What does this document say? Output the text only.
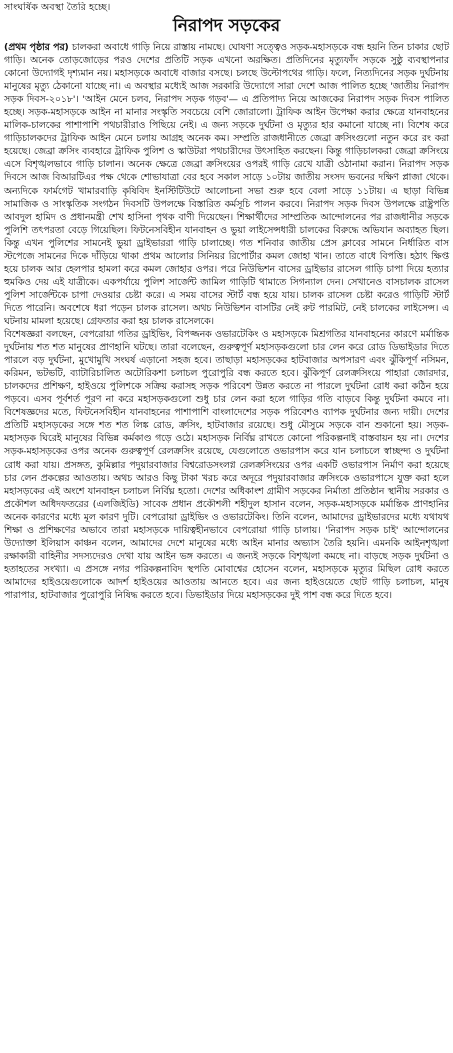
সাংঘর্ষিক অবস্থা তৈরি হচ্ছে।
নিরাপদ সড়কের

(প্রথম পৃষ্ঠার পর) চালকরা অবাধে গাড়ি নিয়ে রাস্তায় নামছে। ঘোষণা সত্ত্বেও সড়ক-মহাসড়কে বন্ধ হয়নি তিন চাকার ছোট গাড়ি। অনেক তোড়জোড়ের পরও দেশের প্রতিটি সড়ক এখনো অরক্ষিত। প্রতিদিনের মৃত্যুফাঁদ সড়কে সুষ্ঠু ব্যবস্থাপনার কোনো উদ্যোগই দৃশ্যমান নয়। মহাসড়কে অবাধে বাজার বসছে। চলছে উল্টোপথের গাড়ি। ফলে, নিত্যদিনের সড়ক দুর্ঘটনায় মানুষের মৃত্যু ঠেকানো যাচ্ছে না। এ অবস্থার মধ্যেই আজ সরকারি উদ্যোগে সারা দেশে আজ পালিত হচ্ছে 'জাতীয় নিরাপদ সড়ক দিবস-২০১৮'। 'আইন মেনে চলব, নিরাপদ সড়ক গড়ব'— এ প্রতিপাদ্য নিয়ে আজকের নিরাপদ সড়ক দিবস পালিত হচ্ছে। সড়ক-মহাসড়কে আইন না মানার সংস্কৃতি সবচেয়ে বেশি জোরালো। ট্রাফিক আইন উপেক্ষা করার ক্ষেত্রে যানবাহনের মালিক-চালকের পাশাপাশি পথচারীরাও পিছিয়ে নেই। এ জন্য সড়কে দুর্ঘটনা ও মৃত্যুর হার কমানো যাচ্ছে না। বিশেষ করে গাড়িচালকদের ট্রাফিক আইন মেনে চলায় আগ্রহ অনেক কম। সম্প্রতি রাজধানীতে জেব্রা ক্রসিংগুলো নতুন করে রং করা হয়েছে। জেব্রা ক্রসিং ব্যবহারে ট্রাফিক পুলিশ ও স্কাউটরা পথচারীদের উৎসাহিত করছেন। কিন্তু গাড়িচালকরা জেব্রা ক্রসিংয়ে এসে বিশৃঙ্খলভাবে গাড়ি চালান। অনেক ক্ষেত্রে জেব্রা ক্রসিংয়ের ওপরই গাড়ি রেখে যাত্রী ওঠানামা করান। নিরাপদ সড়ক দিবসে আজ বিআরটিএর পক্ষ থেকে শোভাযাত্রা বের হবে সকাল সাড়ে ১০টায় জাতীয় সংসদ ভবনের দক্ষিণ প্লাজা থেকে। অন্যদিকে ফার্মগেট খামারবাড়ি কৃষিবিদ ইনস্টিটিউটে আলোচনা সভা শুরু হবে বেলা সাড়ে ১১টায়। এ ছাড়া বিভিন্ন সামাজিক ও সাংস্কৃতিক সংগঠন দিবসটি উপলক্ষে বিস্তারিত কর্মসূচি পালন করবে। নিরাপদ সড়ক দিবস উপলক্ষে রাষ্ট্রপতি আবদুল হামিদ ও প্রধানমন্ত্রী শেখ হাসিনা পৃথক বাণী দিয়েছেন। শিক্ষার্থীদের সাম্প্রতিক আন্দোলনের পর রাজধানীর সড়কে পুলিশি তৎপরতা বেড়ে গিয়েছিল। ফিটনেসবিহীন যানবাহন ও ভুয়া লাইসেন্সধারী চালকের বিরুদ্ধে অভিযান অব্যাহত ছিল। কিন্তু এখন পুলিশের সামনেই ভুয়া ড্রাইভাররা গাড়ি চালাচ্ছে। গত শনিবার জাতীয় প্রেস ক্লাবের সামনে নির্ধারিত বাস স্টপেজে সামনের দিকে দাঁড়িয়ে থাকা প্রথম আলোর সিনিয়র রিপোর্টার কমল জোহা খান। তাতে বাধে বিপত্তি। হঠাৎ ক্ষিপ্ত হয়ে চালক আর হেলপার হামলা করে কমল জোহার ওপর। পরে নিউভিশন বাসের ড্রাইভার রাসেল গাড়ি চাপা দিয়ে হত্যার হুমকিও দেয় এই যাত্রীকে। একপর্যায়ে পুলিশ সার্জেন্ট জামিল গাড়িটি থামাতে সিগন্যাল দেন। সেখানেও বাসচালক রাসেল পুলিশ সার্জেন্টকে চাপা দেওয়ার চেষ্টা করে। এ সময় বাসের স্টার্ট বন্ধ হয়ে যায়। চালক রাসেল চেষ্টা করেও গাড়িটি স্টার্ট দিতে পারেনি। অবশেষে ধরা পড়েন চালক রাসেল। অথচ নিউভিশন বাসটির নেই রুট পারমিট, নেই চালকের লাইসেন্স। এ ঘটনায় মামলা হয়েছে। গ্রেফতার করা হয় চালক রাসেলকে।

বিশেষজ্ঞরা বলছেন, বেপরোয়া গতির ড্রাইভিং, বিপজ্জনক ওভারটেকিং ও মহাসড়কে মিশ্রগতির যানবাহনের কারণে মর্মান্তিক দুর্ঘটনায় শত শত মানুষের প্রাণহানি ঘটছে। তারা বলেছেন, গুরুত্বপূর্ণ মহাসড়কগুলো চার লেন করে রোড ডিভাইডার দিতে পারলে বড় দুর্ঘটনা, মুখোমুখি সংঘর্ষ এড়ানো সহজ হবে। তাছাড়া মহাসড়কের হাটবাজার অপসারণ এবং ঝুঁকিপূর্ণ নসিমন, করিমন, ভটভটি, ব্যাটারিচালিত অটোরিকশা চলাচল পুরোপুরি বন্ধ করতে হবে। ঝুঁকিপূর্ণ রেলক্রসিংয়ে পাহারা জোরদার, চালকদের প্রশিক্ষণ, হাইওয়ে পুলিশকে সক্রিয় করাসহ সড়ক পরিবেশ উন্নত করতে না পারলে দুর্ঘটনা রোধ করা কঠিন হয়ে পড়বে। এসব পূর্বশর্ত পূরণ না করে মহাসড়কগুলো শুধু চার লেন করা হলে গাড়ির গতি বাড়বে কিন্তু দুর্ঘটনা কমবে না। বিশেষজ্ঞদের মতে, ফিটনেসবিহীন যানবাহনের পাশাপাশি বাংলাদেশের সড়ক পরিবেশও ব্যাপক দুর্ঘটনার জন্য দায়ী। দেশের প্রতিটি মহাসড়কের সঙ্গে শত শত লিঙ্ক রোড, ক্রসিং, হাটবাজার রয়েছে। শুধু মৌসুমে সড়কে বান শুকানো হয়। সড়ক-মহাসড়ক ঘিরেই মানুষের বিভিন্ন কর্মকাণ্ড গড়ে ওঠে। মহাসড়ক নির্বিঘ্ন রাখতে কোনো পরিকল্পনাই বাস্তবায়ন হয় না। দেশের সড়ক-মহাসড়কের ওপর অনেক গুরুত্বপূর্ণ রেলক্রসিং রয়েছে, যেগুলোতে ওভারপাস করে যান চলাচলে স্বাচ্ছন্দ্য ও দুর্ঘটনা রোধ করা যায়। প্রসঙ্গত, কুমিল্লার পদুয়ারবাজার বিশ্বরোডসংলগ্ন রেলক্রসিংয়ের ওপর একটি ওভারপাস নির্মাণ করা হয়েছে চার লেন প্রকল্পের আওতায়। অথচ আরও কিছু টাকা খরচ করে অদূরে পদুয়ারবাজার ক্রসিংকে ওভারপাসে যুক্ত করা হলে মহাসড়কের এই অংশে যানবাহন চলাচল নির্বিঘ্ন হতো। দেশের অধিকাংশ গ্রামীণ সড়কের নির্মাতা প্রতিষ্ঠান স্থানীয় সরকার ও প্রকৌশল অধিদফতরের (এলজিইডি) সাবেক প্রধান প্রকৌশলী শহীদুল হাসান বলেন, সড়ক-মহাসড়কে মর্মান্তিক প্রাণহানির অনেক কারণের মধ্যে মূল কারণ দুটি। বেপরোয়া ড্রাইভিং ও ওভারটেকিং। তিনি বলেন, আমাদের ড্রাইভারদের মধ্যে যথাযথ শিক্ষা ও প্রশিক্ষণের অভাবে তারা মহাসড়কে দায়িত্বহীনভাবে বেপরোয়া গাড়ি চালায়। 'নিরাপদ সড়ক চাই' আন্দোলনের উদ্যোক্তা ইলিয়াস কাঞ্চন বলেন, আমাদের দেশে মানুষের মধ্যে আইন মানার অভ্যাস তৈরি হয়নি। এমনকি আইনশৃঙ্খলা রক্ষাকারী বাহিনীর সদস্যদেরও দেখা যায় আইন ভঙ্গ করতে। এ জন্যই সড়কে বিশৃঙ্খলা কমছে না। বাড়ছে সড়ক দুর্ঘটনা ও হতাহতের সংখ্যা। এ প্রসঙ্গে নগর পরিকল্পনাবিদ স্থপতি মোবাশ্বের হোসেন বলেন, মহাসড়কে মৃত্যুর মিছিল রোধ করতে আমাদের হাইওয়েগুলোকে আদর্শ হাইওয়ের আওতায় আনতে হবে। এর জন্য হাইওয়েতে ছোট গাড়ি চলাচল, মানুষ পারাপার, হাটবাজার পুরোপুরি নিষিদ্ধ করতে হবে। ডিভাইডার দিয়ে মহাসড়কের দুই পাশ বন্ধ করে দিতে হবে।
